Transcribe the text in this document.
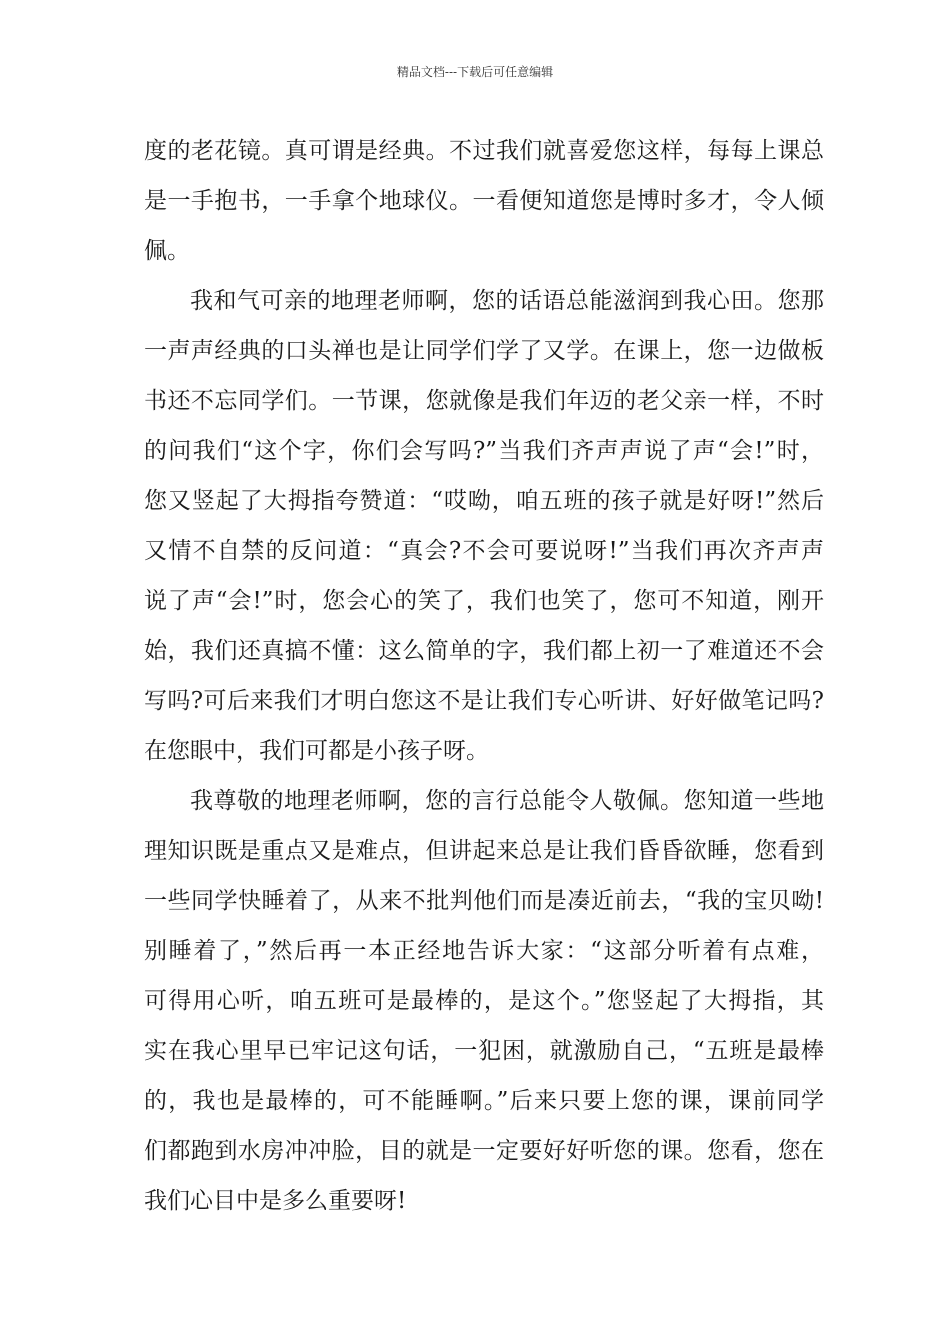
精品文档---下载后可任意编辑
度的老花镜。真可谓是经典。不过我们就喜爱您这样，每每上课总
是一手抱书，一手拿个地球仪。一看便知道您是博时多才，令人倾
佩。
我和气可亲的地理老师啊，您的话语总能滋润到我心田。您那
一声声经典的口头禅也是让同学们学了又学。在课上，您一边做板
书还不忘同学们。一节课，您就像是我们年迈的老父亲一样，不时
的问我们“这个字，你们会写吗?”当我们齐声声说了声“会!”时，
您又竖起了大拇指夸赞道：“哎呦，咱五班的孩子就是好呀!”然后
又情不自禁的反问道：“真会?不会可要说呀!”当我们再次齐声声
说了声“会!”时，您会心的笑了，我们也笑了，您可不知道，刚开
始，我们还真搞不懂：这么简单的字，我们都上初一了难道还不会
写吗?可后来我们才明白您这不是让我们专心听讲、好好做笔记吗?
在您眼中，我们可都是小孩子呀。
我尊敬的地理老师啊，您的言行总能令人敬佩。您知道一些地
理知识既是重点又是难点，但讲起来总是让我们昏昏欲睡，您看到
一些同学快睡着了，从来不批判他们而是凑近前去，“我的宝贝呦!
别睡着了，”然后再一本正经地告诉大家：“这部分听着有点难，
可得用心听，咱五班可是最棒的，是这个。”您竖起了大拇指，其
实在我心里早已牢记这句话，一犯困，就激励自己，“五班是最棒
的，我也是最棒的，可不能睡啊。”后来只要上您的课，课前同学
们都跑到水房冲冲脸，目的就是一定要好好听您的课。您看，您在
我们心目中是多么重要呀!
